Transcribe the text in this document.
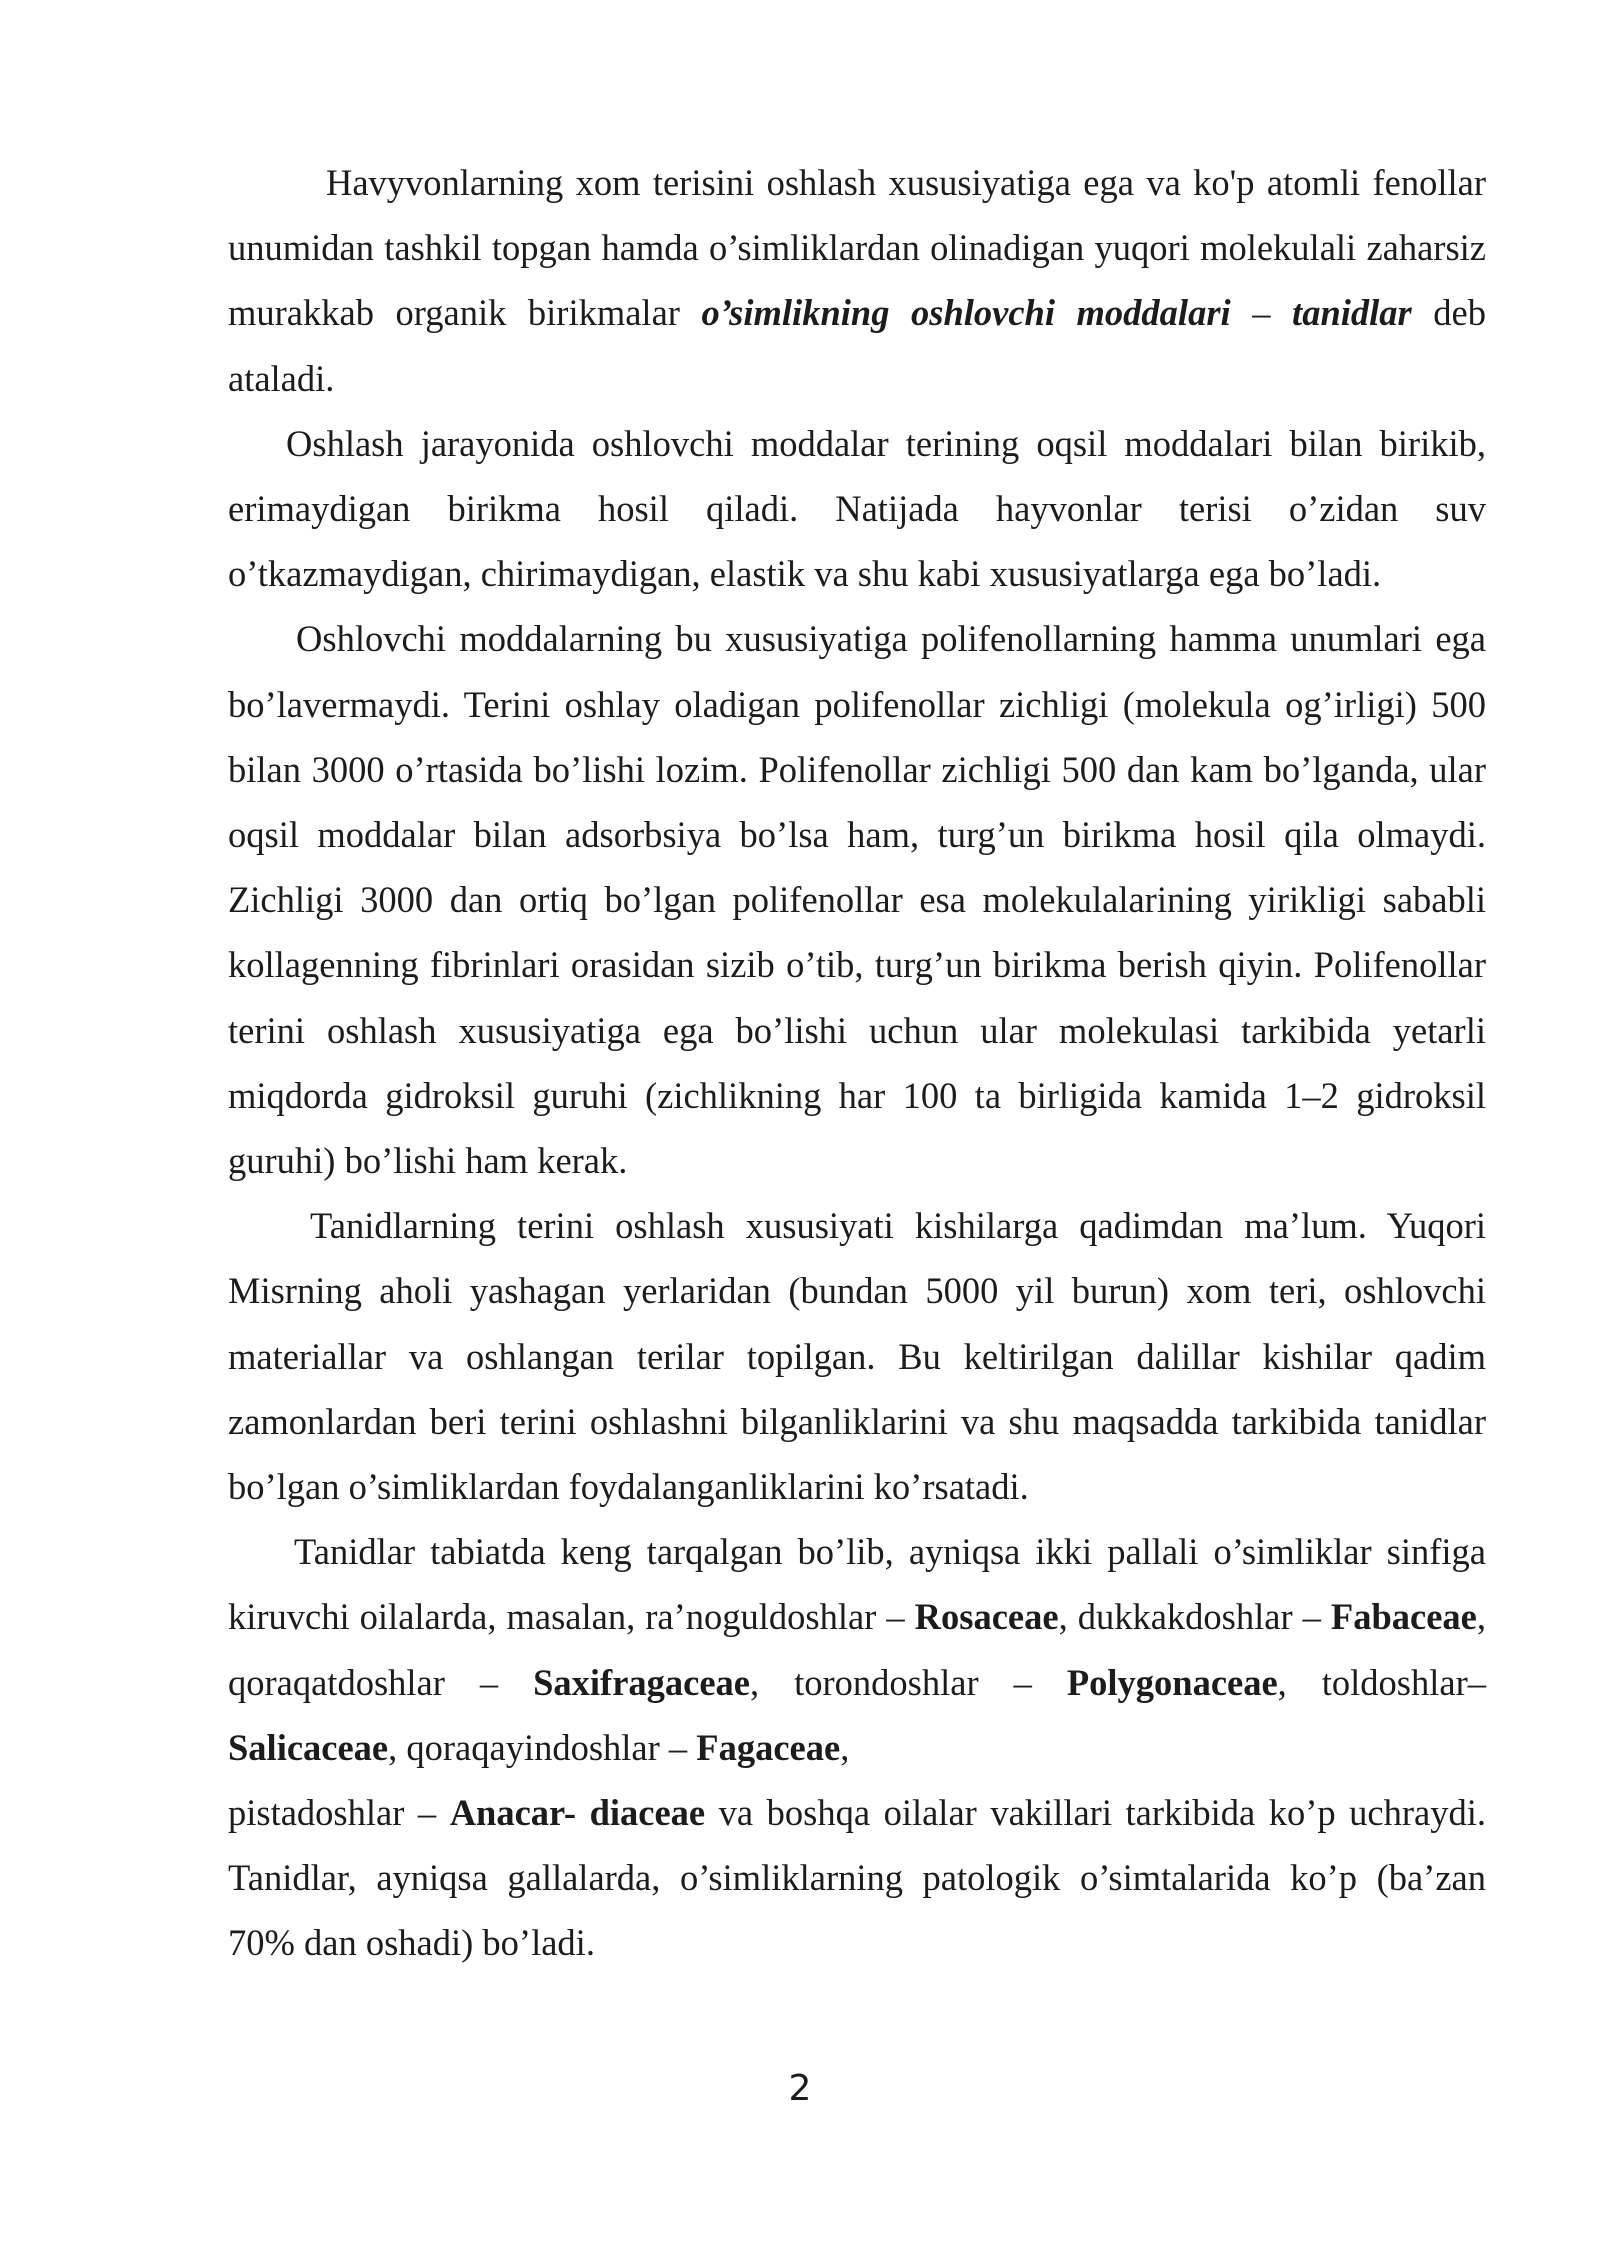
Havyvonlarning xom terisini oshlash xususiyatiga ega va ko'p atomli fenollar unumidan tashkil topgan hamda o’simliklardan olinadigan yuqori molekulali zaharsiz murakkab organik birikmalar o’simlikning oshlovchi moddalari – tanidlar deb ataladi.

Oshlash jarayonida oshlovchi moddalar terining oqsil moddalari bilan birikib, erimaydigan birikma hosil qiladi. Natijada hayvonlar terisi o’zidan suv o’tkazmaydigan, chirimaydigan, elastik va shu kabi xususiyatlarga ega bo’ladi.

Oshlovchi moddalarning bu xususiyatiga polifenollarning hamma unumlari ega bo’lavermaydi. Terini oshlay oladigan polifenollar zichligi (molekula og’irligi) 500 bilan 3000 o’rtasida bo’lishi lozim. Polifenollar zichligi 500 dan kam bo’lganda, ular oqsil moddalar bilan adsorbsiya bo’lsa ham, turg’un birikma hosil qila olmaydi. Zichligi 3000 dan ortiq bo’lgan polifenollar esa molekulalarining yirikligi sababli kollagenning fibrinlari orasidan sizib o’tib, turg’un birikma berish qiyin. Polifenollar terini oshlash xususiyatiga ega bo’lishi uchun ular molekulasi tarkibida yetarli miqdorda gidroksil guruhi (zichlikning har 100 ta birligida kamida 1–2 gidroksil guruhi) bo’lishi ham kerak.

Tanidlarning terini oshlash xususiyati kishilarga qadimdan ma’lum. Yuqori Misrning aholi yashagan yerlaridan (bundan 5000 yil burun) xom teri, oshlovchi materiallar va oshlangan terilar topilgan. Bu keltirilgan dalillar kishilar qadim zamonlardan beri terini oshlashni bilganliklarini va shu maqsadda tarkibida tanidlar bo’lgan o’simliklardan foydalanganliklarini ko’rsatadi.

Tanidlar tabiatda keng tarqalgan bo’lib, ayniqsa ikki pallali o’simliklar sinfiga kiruvchi oilalarda, masalan, ra’noguldoshlar – Rosaceae, dukkakdoshlar – Fabaceae, qoraqatdoshlar – Saxifragaceae, torondoshlar – Polygonaceae, toldoshlar– Salicaceae, qoraqayindoshlar – Fagaceae,
pistadoshlar – Anacar- diaceae va boshqa oilalar vakillari tarkibida ko’p uchraydi. Tanidlar, ayniqsa gallalarda, o’simliklarning patologik o’simtalarida ko’p (ba’zan 70% dan oshadi) bo’ladi.

2
